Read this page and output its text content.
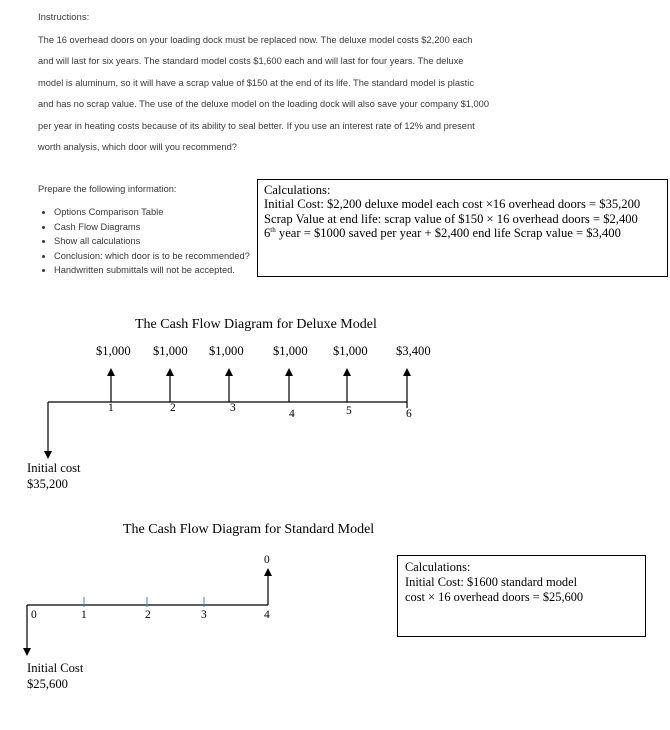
Instructions:
The 16 overhead doors on your loading dock must be replaced now. The deluxe model costs $2,200 each
and will last for six years. The standard model costs $1,600 each and will last for four years. The deluxe
model is aluminum, so it will have a scrap value of $150 at the end of its life. The standard model is plastic
and has no scrap value. The use of the deluxe model on the loading dock will also save your company $1,000
per year in heating costs because of its ability to seal better. If you use an interest rate of 12% and present
worth analysis, which door will you recommend?
Prepare the following information:
• Options Comparison Table
• Cash Flow Diagrams
• Show all calculations
• Conclusion: which door is to be recommended?
• Handwritten submittals will not be accepted.
Calculations:
Initial Cost: $2,200 deluxe model each cost ×16 overhead doors = $35,200
Scrap Value at end life: scrap value of $150 × 16 overhead doors = $2,400
6th year = $1000 saved per year + $2,400 end life Scrap value = $3,400
The Cash Flow Diagram for Deluxe Model
$1,000 $1,000 $1,000 $1,000 $1,000 $3,400
1	2	3	4	5	6
Initial cost
$35,200
The Cash Flow Diagram for Standard Model
0
0	1	2	3	4
Initial Cost
$25,600
Calculations:
Initial Cost: $1600 standard model
cost × 16 overhead doors = $25,600
